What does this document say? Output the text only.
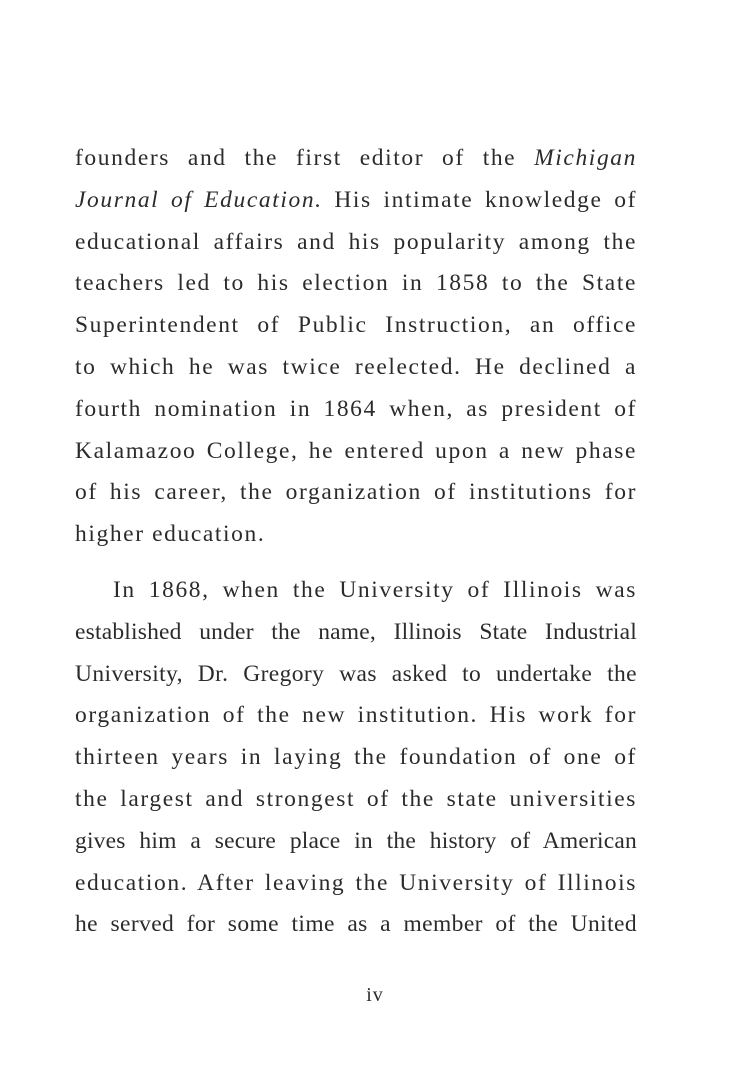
founders and the first editor of the Michigan
Journal of Education. His intimate knowledge of
educational affairs and his popularity among the
teachers led to his election in 1858 to the State
Superintendent of Public Instruction, an office
to which he was twice reelected. He declined a
fourth nomination in 1864 when, as president of
Kalamazoo College, he entered upon a new phase
of his career, the organization of institutions for
higher education.
In 1868, when the University of Illinois was
established under the name, Illinois State Industrial
University, Dr. Gregory was asked to undertake the
organization of the new institution. His work for
thirteen years in laying the foundation of one of
the largest and strongest of the state universities
gives him a secure place in the history of American
education. After leaving the University of Illinois
he served for some time as a member of the United
iv
